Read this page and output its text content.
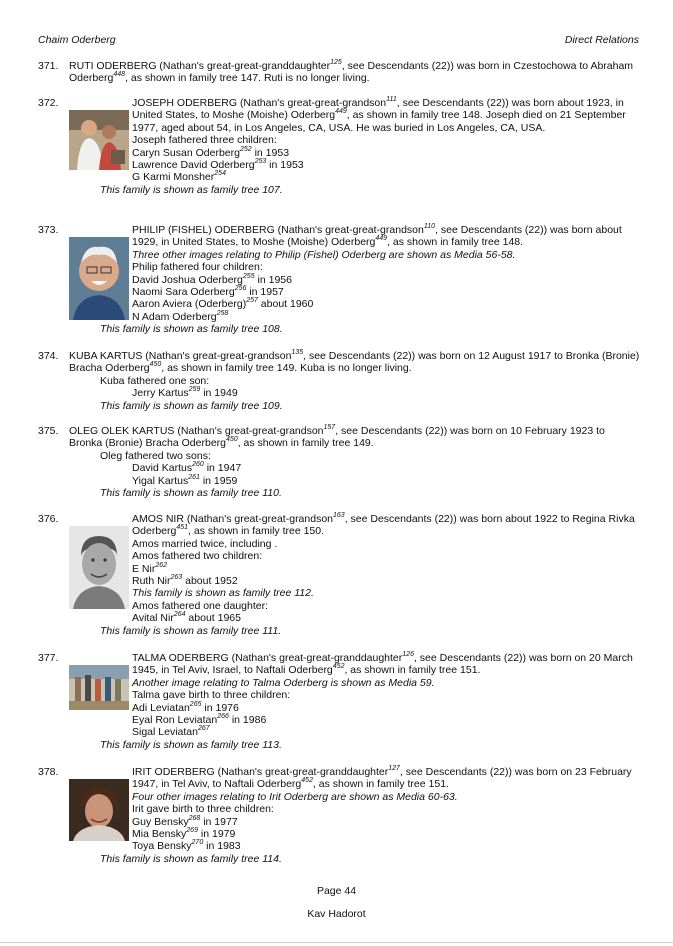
Chaim Oderberg	Direct Relations
371. RUTI ODERBERG (Nathan's great-great-granddaughter$^{125}$, see Descendants (22)) was born in Czestochowa to Abraham Oderberg$^{448}$, as shown in family tree 147. Ruti is no longer living.
372.	JOSEPH ODERBERG (Nathan's great-great-grandson$^{111}$, see Descendants (22)) was born about 1923, in United States, to Moshe (Moishe) Oderberg$^{449}$, as shown in family tree 148. Joseph died on 21 September 1977, aged about 54, in Los Angeles, CA, USA. He was buried in Los Angeles, CA, USA.
Joseph fathered three children:
Caryn Susan Oderberg$^{252}$ in 1953
Lawrence David Oderberg$^{253}$ in 1953
G Karmi Monsher$^{254}$
This family is shown as family tree 107.
373.	PHILIP (FISHEL) ODERBERG (Nathan's great-great-grandson$^{110}$, see Descendants (22)) was born about 1929, in United States, to Moshe (Moishe) Oderberg$^{449}$, as shown in family tree 148.
Three other images relating to Philip (Fishel) Oderberg are shown as Media 56-58.
Philip fathered four children:
David Joshua Oderberg$^{255}$ in 1956
Naomi Sara Oderberg$^{256}$ in 1957
Aaron Aviera (Oderberg)$^{257}$ about 1960
N Adam Oderberg$^{258}$
This family is shown as family tree 108.
374. KUBA KARTUS (Nathan's great-great-grandson$^{135}$, see Descendants (22)) was born on 12 August 1917 to Bronka (Bronie) Bracha Oderberg$^{450}$, as shown in family tree 149. Kuba is no longer living.
Kuba fathered one son:
Jerry Kartus$^{259}$ in 1949
This family is shown as family tree 109.
375. OLEG OLEK KARTUS (Nathan's great-great-grandson$^{157}$, see Descendants (22)) was born on 10 February 1923 to Bronka (Bronie) Bracha Oderberg$^{450}$, as shown in family tree 149.
Oleg fathered two sons:
David Kartus$^{260}$ in 1947
Yigal Kartus$^{261}$ in 1959
This family is shown as family tree 110.
376.	AMOS NIR (Nathan's great-great-grandson$^{163}$, see Descendants (22)) was born about 1922 to Regina Rivka Oderberg$^{451}$, as shown in family tree 150.
Amos married twice, including .
Amos fathered two children:
E Nir$^{262}$
Ruth Nir$^{263}$ about 1952
This family is shown as family tree 112.
Amos fathered one daughter:
Avital Nir$^{264}$ about 1965
This family is shown as family tree 111.
377.	TALMA ODERBERG (Nathan's great-great-granddaughter$^{126}$, see Descendants (22)) was born on 20 March 1945, in Tel Aviv, Israel, to Naftali Oderberg$^{452}$, as shown in family tree 151.
Another image relating to Talma Oderberg is shown as Media 59.
Talma gave birth to three children:
Adi Leviatan$^{265}$ in 1976
Eyal Ron Leviatan$^{266}$ in 1986
Sigal Leviatan$^{267}$
This family is shown as family tree 113.
378.	IRIT ODERBERG (Nathan's great-great-granddaughter$^{127}$, see Descendants (22)) was born on 23 February 1947, in Tel Aviv, to Naftali Oderberg$^{452}$, as shown in family tree 151.
Four other images relating to Irit Oderberg are shown as Media 60-63.
Irit gave birth to three children:
Guy Bensky$^{268}$ in 1977
Mia Bensky$^{269}$ in 1979
Toya Bensky$^{270}$ in 1983
This family is shown as family tree 114.
Page 44
Kav Hadorot
